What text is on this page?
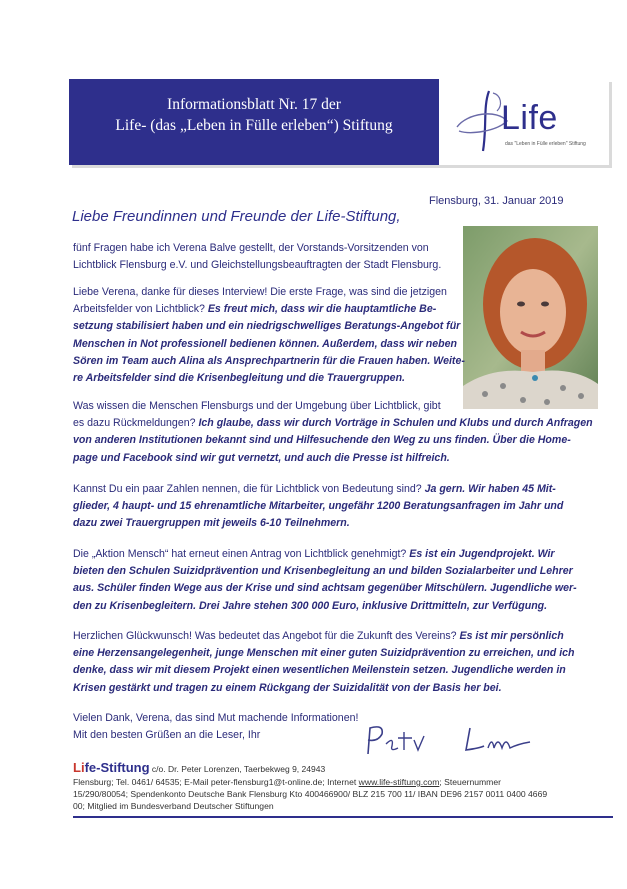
Informationsblatt Nr. 17 der
Life- (das „Leben in Fülle erleben“) Stiftung	Life
das "Leben in Fülle erleben" Stiftung
Flensburg, 31. Januar 2019
Liebe Freundinnen und Freunde der Life-Stiftung,
fünf Fragen habe ich Verena Balve gestellt, der Vorstands-Vorsitzenden von
Lichtblick Flensburg e.V. und Gleichstellungsbeauftragten der Stadt Flensburg.
Liebe Verena, danke für dieses Interview! Die erste Frage, was sind die jetzigen
Arbeitsfelder von Lichtblick? Es freut mich, dass wir die hauptamtliche Be-
setzung stabilisiert haben und ein niedrigschwelliges Beratungs-Angebot für
Menschen in Not professionell bedienen können. Außerdem, dass wir neben
Sören im Team auch Alina als Ansprechpartnerin für die Frauen haben. Weite-
re Arbeitsfelder sind die Krisenbegleitung und die Trauergruppen.
Was wissen die Menschen Flensburgs und der Umgebung über Lichtblick, gibt
es dazu Rückmeldungen? Ich glaube, dass wir durch Vorträge in Schulen und Klubs und durch Anfragen
von anderen Institutionen bekannt sind und Hilfesuchende den Weg zu uns finden. Über die Home-
page und Facebook sind wir gut vernetzt, und auch die Presse ist hilfreich.
Kannst Du ein paar Zahlen nennen, die für Lichtblick von Bedeutung sind? Ja gern. Wir haben 45 Mit-
glieder, 4 haupt- und 15 ehrenamtliche Mitarbeiter, ungefähr 1200 Beratungsanfragen im Jahr und
dazu zwei Trauergruppen mit jeweils 6-10 Teilnehmern.
Die „Aktion Mensch“ hat erneut einen Antrag von Lichtblick genehmigt? Es ist ein Jugendprojekt. Wir
bieten den Schulen Suizidprävention und Krisenbegleitung an und bilden Sozialarbeiter und Lehrer
aus. Schüler finden Wege aus der Krise und sind achtsam gegenüber Mitschülern. Jugendliche wer-
den zu Krisenbegleitern. Drei Jahre stehen 300 000 Euro, inklusive Drittmitteln, zur Verfügung.
Herzlichen Glückwunsch! Was bedeutet das Angebot für die Zukunft des Vereins? Es ist mir persönlich
eine Herzensangelegenheit, junge Menschen mit einer guten Suizidprävention zu erreichen, und ich
denke, dass wir mit diesem Projekt einen wesentlichen Meilenstein setzen. Jugendliche werden in
Krisen gestärkt und tragen zu einem Rückgang der Suizidalität von der Basis her bei.
Vielen Dank, Verena, das sind Mut machende Informationen!
Mit den besten Grüßen an die Leser, Ihr
Life-Stiftung c/o. Dr. Peter Lorenzen, Taerbekweg 9, 24943
Flensburg; Tel. 0461/ 64535; E-Mail peter-flensburg1@t-online.de; Internet www.life-stiftung.com; Steuernummer
15/290/80054; Spendenkonto Deutsche Bank Flensburg Kto 400466900/ BLZ 215 700 11/ IBAN DE96 2157 0011 0400 4669
00; Mitglied im Bundesverband Deutscher Stiftungen
